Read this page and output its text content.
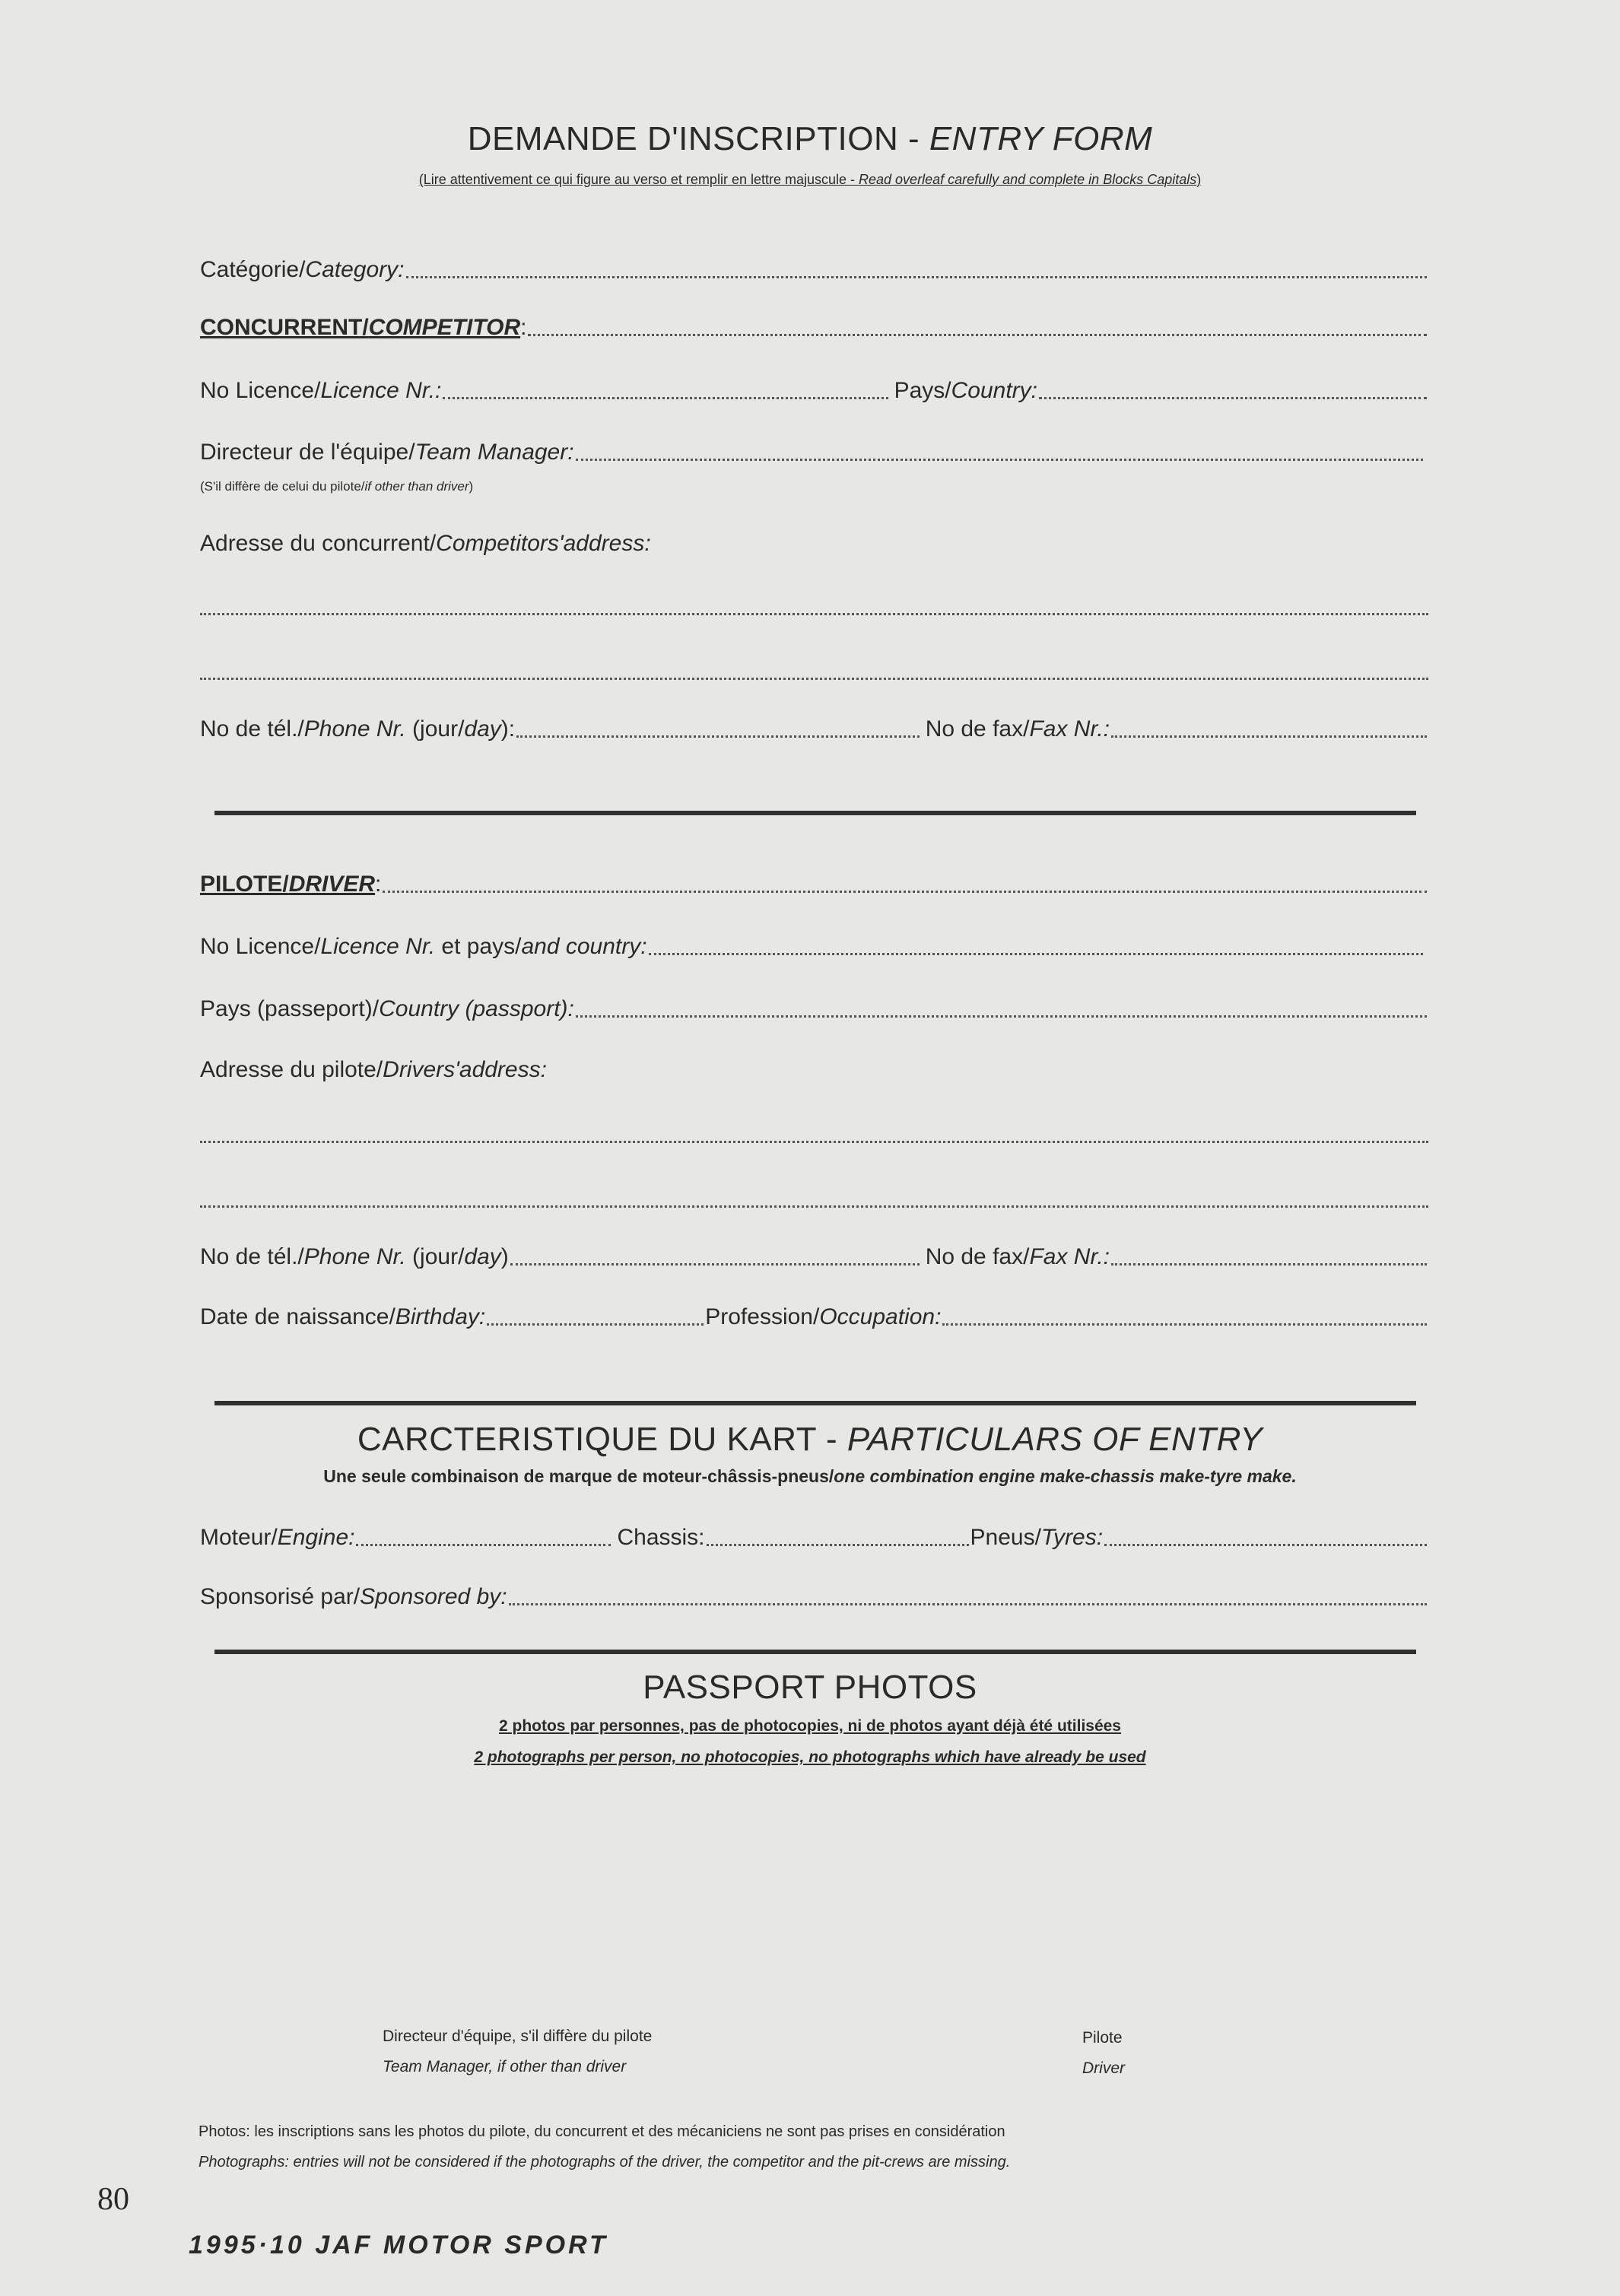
DEMANDE D'INSCRIPTION - ENTRY FORM
(Lire attentivement ce qui figure au verso et remplir en lettre majuscule - Read overleaf carefully and complete in Blocks Capitals)
Catégorie/Category:
CONCURRENT/COMPETITOR:
No Licence/Licence Nr.:	Pays/Country:
Directeur de l'équipe/Team Manager:
(S'il diffère de celui du pilote/if other than driver)
Adresse du concurrent/Competitors'address:
No de tél./Phone Nr. (jour/day):	No de fax/Fax Nr.:
PILOTE/DRIVER:
No Licence/Licence Nr. et pays/and country:
Pays (passeport)/Country (passport):
Adresse du pilote/Drivers'address:
No de tél./Phone Nr. (jour/day)	No de fax/Fax Nr.:
Date de naissance/Birthday:	Profession/Occupation:
CARCTERISTIQUE DU KART - PARTICULARS OF ENTRY
Une seule combinaison de marque de moteur-châssis-pneus/one combination engine make-chassis make-tyre make.
Moteur/Engine:	Chassis:	Pneus/Tyres:
Sponsorisé par/Sponsored by:
PASSPORT PHOTOS
2 photos par personnes, pas de photocopies, ni de photos ayant déjà été utilisées
2 photographs per person, no photocopies, no photographs which have already be used
Directeur d'équipe, s'il diffère du pilote
Team Manager, if other than driver
Pilote
Driver
Photos: les inscriptions sans les photos du pilote, du concurrent et des mécaniciens ne sont pas prises en considération
Photographs: entries will not be considered if the photographs of the driver, the competitor and the pit-crews are missing.
80
1995·10 JAF MOTOR SPORT
